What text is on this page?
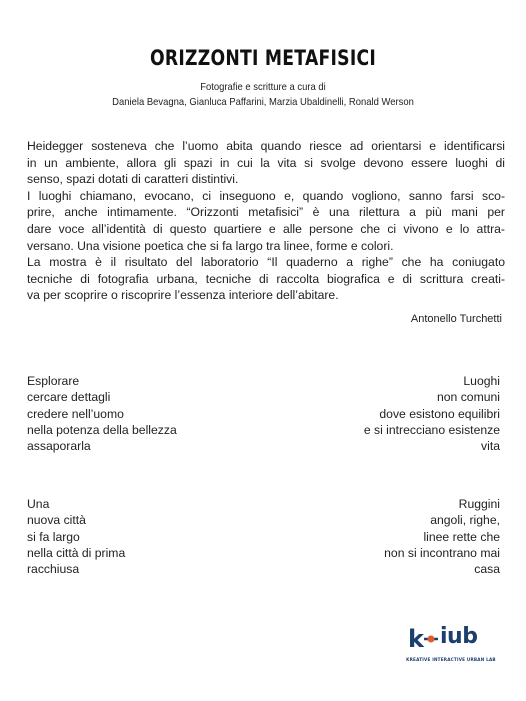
ORIZZONTI METAFISICI
Fotografie e scritture a cura di
Daniela Bevagna, Gianluca Paffarini, Marzia Ubaldinelli, Ronald Werson
Heidegger sosteneva che l’uomo abita quando riesce ad orientarsi e identificarsi
in un ambiente, allora gli spazi in cui la vita si svolge devono essere luoghi di
senso, spazi dotati di caratteri distintivi.
I luoghi chiamano, evocano, ci inseguono e, quando vogliono, sanno farsi sco-
prire, anche intimamente. “Orizzonti metafisici” è una rilettura a più mani per
dare voce all’identità di questo quartiere e alle persone che ci vivono e lo attra-
versano. Una visione poetica che si fa largo tra linee, forme e colori.
La mostra è il risultato del laboratorio “Il quaderno a righe” che ha coniugato
tecniche di fotografia urbana, tecniche di raccolta biografica e di scrittura creati-
va per scoprire o riscoprire l’essenza interiore dell’abitare.
Antonello Turchetti
Esplorare
cercare dettagli
credere nell’uomo
nella potenza della bellezza
assaporarla
Luoghi
non comuni
dove esistono equilibri
e si intrecciano esistenze
vita
Una
nuova città
si fa largo
nella città di prima
racchiusa
Ruggini
angoli, righe,
linee rette che
non si incontrano mai
casa
k iub
KREATIVE INTERACTIVE URBAN LAB
